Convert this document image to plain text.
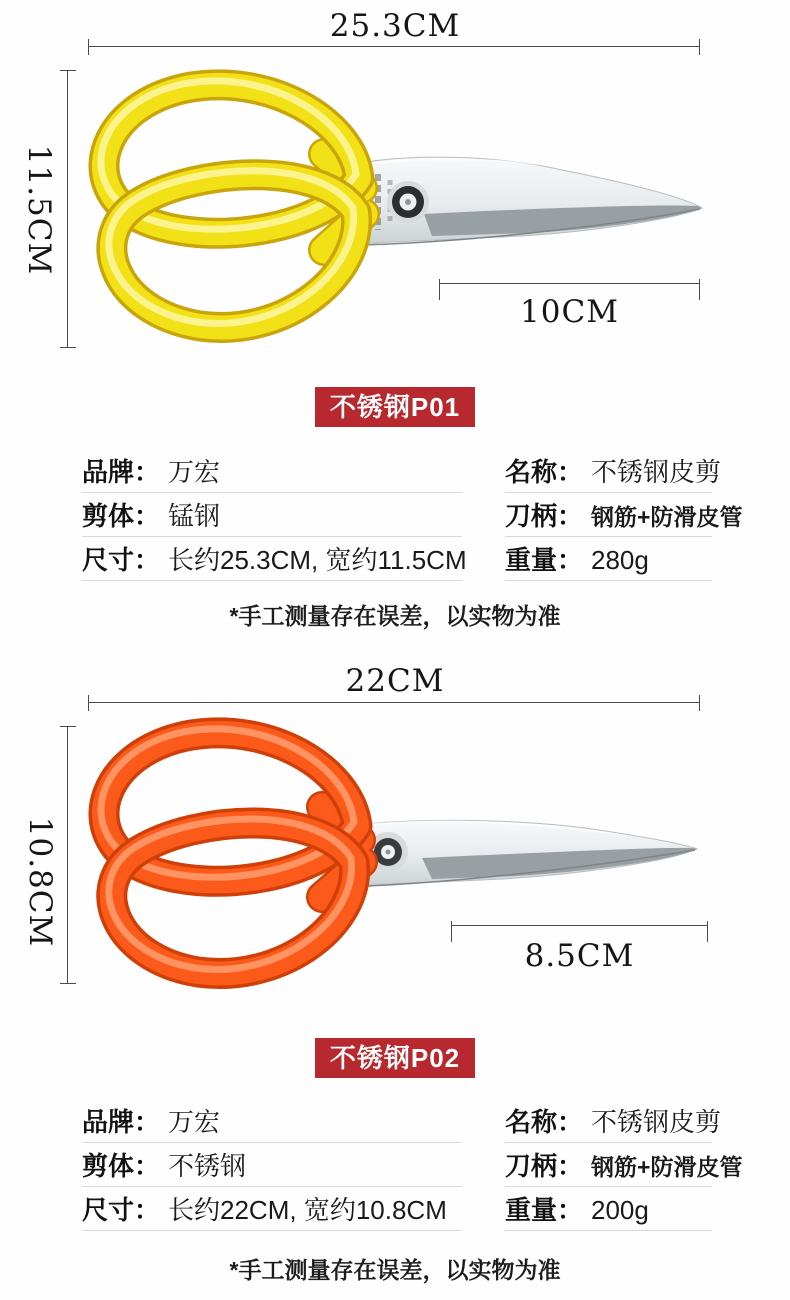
25.3CM
11.5CM
10CM
不锈钢P01
品牌： 万宏	名称： 不锈钢皮剪
剪体： 锰钢	刀柄： 钢筋+防滑皮管
尺寸： 长约25.3CM, 宽约11.5CM 重量： 280g
*手工测量存在误差，以实物为准
22CM
10.8CM
8.5CM
不锈钢P02
品牌： 万宏	名称： 不锈钢皮剪
剪体： 不锈钢	刀柄： 钢筋+防滑皮管
尺寸： 长约22CM, 宽约10.8CM	重量： 200g
*手工测量存在误差，以实物为准
